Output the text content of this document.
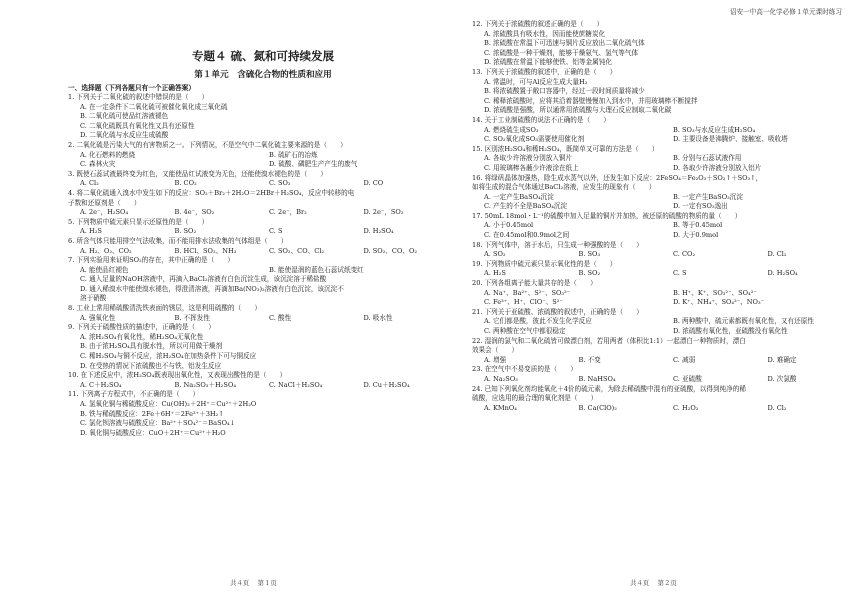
诏安一中高一化学必修１单元课时练习
专题４ 硫、氮和可持续发展
第１单元　含硫化合物的性质和应用
一、选择题（下列各题只有一个正确答案）
1. 下列关于二氧化硫的叙述中错误的是（　　）
A. 在一定条件下二氧化硫可被催化氧化成三氧化硫
B. 二氧化硫可使品红溶液褪色
C. 二氧化硫既具有氧化性又具有还原性
D. 二氧化硫与水反应生成硫酸
2. 二氧化硫是污染大气的有害物质之一。下列情况，不是空气中二氧化硫主要来源的是（　　）
A. 化石燃料的燃烧	B. 硫矿石的冶炼
C. 森林火灾	D. 硫酸、磷肥生产产生的废气
3. 既使石蕊试液最终变为红色，又能使品红试液变为无色，还能使溴水褪色的是（　　）
A. Cl₂	B. CO₂	C. SO₂	D. CO
4. 将二氧化硫通入溴水中发生如下的反应：SO₂＋Br₂＋2H₂O＝2HBr＋H₂SO₄，反应中转移的电
子数和还原剂是（　　）
A. 2e⁻，H₂SO₄	B. 4e⁻，SO₂	C. 2e⁻，Br₂	D. 2e⁻，SO₂
5. 下列物质中硫元素只显示还原性的是（　　）
A. H₂S	B. SO₂	C. S	D. H₂SO₄
6. 所含气体只能用排空气法收集，而不能用排水法收集的气体组是（　　）
A. H₂、O₂、CO₂	B. HCl、SO₂、NH₃	C. SO₂、CO、Cl₂	D. SO₂、CO、O₂
7. 下列实验用来证明SO₂的存在，其中正确的是（　　）
A. 能使品红褪色	B. 能使湿润的蓝色石蕊试纸变红
C. 通入足量的NaOH溶液中，再滴入BaCl₂溶液有白色沉淀生成，该沉淀溶于稀盐酸
D. 通入稀溴水中能使溴水褪色，得澄清溶液，再滴加Ba(NO₃)₂溶液有白色沉淀，该沉淀不
溶于硝酸
8. 工业上常用稀硫酸清洗铁表面的锈层，这是利用硫酸的（　　）
A. 强氧化性	B. 不挥发性	C. 酸性	D. 吸水性
9. 下列关于硫酸性质的描述中，正确的是（　　）
A. 浓H₂SO₄有氧化性，稀H₂SO₄无氧化性
B. 由于浓H₂SO₄具有脱水性，所以可用做干燥剂
C. 稀H₂SO₄与铜不反应，浓H₂SO₄在加热条件下可与铜反应
D. 在受热的情况下浓硫酸也不与铁、铝发生反应
10. 在下述反应中，浓H₂SO₄既表现出氧化性，又表现出酸性的是（　　）
A. C＋H₂SO₄	B. Na₂SO₃＋H₂SO₄	C. NaCl＋H₂SO₄	D. Cu＋H₂SO₄
11. 下列离子方程式中，不正确的是（　　）
A. 氢氧化铜与稀硫酸反应：Cu(OH)₂＋2H⁺＝Cu²⁺＋2H₂O
B. 铁与稀硫酸反应：2Fe＋6H⁺＝2Fe³⁺＋3H₂↑
C. 氯化钡溶液与硫酸反应：Ba²⁺＋SO₄²⁻＝BaSO₄↓
D. 氧化铜与硫酸反应：CuO＋2H⁺＝Cu²⁺＋H₂O
12. 下列关于浓硫酸的叙述正确的是（　　）
A. 浓硫酸具有吸水性，因而能使蔗糖炭化
B. 浓硫酸在常温下可迅速与铜片反应放出二氧化硫气体
C. 浓硫酸是一种干燥剂，能够干燥氨气、氢气等气体
D. 浓硫酸在常温下能够使铁、铝等金属钝化
13. 下列关于浓硫酸的叙述中，正确的是（　　）
A. 常温时，可与Al反应生成大量H₂
B. 将浓硫酸置于敞口容器中，经过一段时间质量将减少
C. 稀释浓硫酸时，应将其沿着器壁慢慢加入到水中，并用玻璃棒不断搅拌
D. 浓硫酸是强酸，所以通常用浓硫酸与大理石反应制取二氧化碳
14. 关于工业制硫酸的说法不正确的是（　　）
A. 燃烧硫生成SO₃	B. SO₃与水反应生成H₂SO₄
C. SO₂氧化成SO₃需要使用催化剂	D. 主要设备是沸腾炉、接触室、吸收塔
15. 区别浓H₂SO₄和稀H₂SO₄，既简单又可靠的方法是（　　）
A. 各取少许溶液分别放入铜片	B. 分别与石蕊试液作用
C. 用玻璃棒各蘸少许液涂在纸上	D. 各取少许溶液分别放入铝片
16. 将绿矾晶体加强热，除生成水蒸气以外，还发生如下反应：2FeSO₄＝Fe₂O₃＋SO₂↑＋SO₃↑，
如将生成的混合气体通过BaCl₂溶液，应发生的现象有（　　）
A. 一定产生BaSO₄沉淀	B. 一定产生BaSO₃沉淀
C. 产生的不全是BaSO₄沉淀	D. 一定有SO₃逸出
17. 50mL 18mol・L⁻¹的硫酸中加入足量的铜片并加热，被还原的硫酸的物质的量（　　）
A. 小于0.45mol	B. 等于0.45mol
C. 在0.45mol和0.9mol之间	D. 大于0.9mol
18. 下列气体中，溶于水后，只生成一种强酸的是（　　）
A. SO₂	B. SO₃	C. CO₂	D. Cl₂
19. 下列物质中硫元素只显示氧化性的是（　　）
A. H₂S	B. SO₂	C. S	D. H₂SO₄
20. 下列各组离子能大量共存的是（　　）
A. Na⁺、Ba²⁺、S²⁻、SO₃²⁻	B. H⁺、K⁺、SO₃²⁻、SO₄²⁻
C. Fe³⁺、H⁺、ClO⁻、S²⁻	D. K⁺、NH₄⁺、SO₄²⁻、NO₃⁻
21. 下列关于亚硫酸、浓硫酸的叙述中，正确的是（　　）
A. 它们都是酸，彼此不发生化学反应	B. 两种酸中，硫元素都既有氧化性，又有还原性
C. 两种酸在空气中都很稳定	D. 浓硫酸有氧化性，亚硫酸没有氧化性
22. 湿润的氯气和二氧化硫皆可做漂白剂，若用两者（体积比1:1）一起漂白一种物质时，漂白
效果会（　　）
A. 增强	B. 不变	C. 减弱	D. 难确定
23. 在空气中不易变质的是（　　）
A. Na₂SO₃	B. NaHSO₄	C. 亚硫酸	D. 次氯酸
24. 已知下列氧化剂均能氧化＋4价的硫元素，为除去稀硫酸中混有的亚硫酸，以得到纯净的稀
硫酸，应选用的最合理的氧化剂是（　　）
A. KMnO₄	B. Ca(ClO)₂	C. H₂O₂	D. Cl₂
共４页　 第１页	共４页　 第２页
